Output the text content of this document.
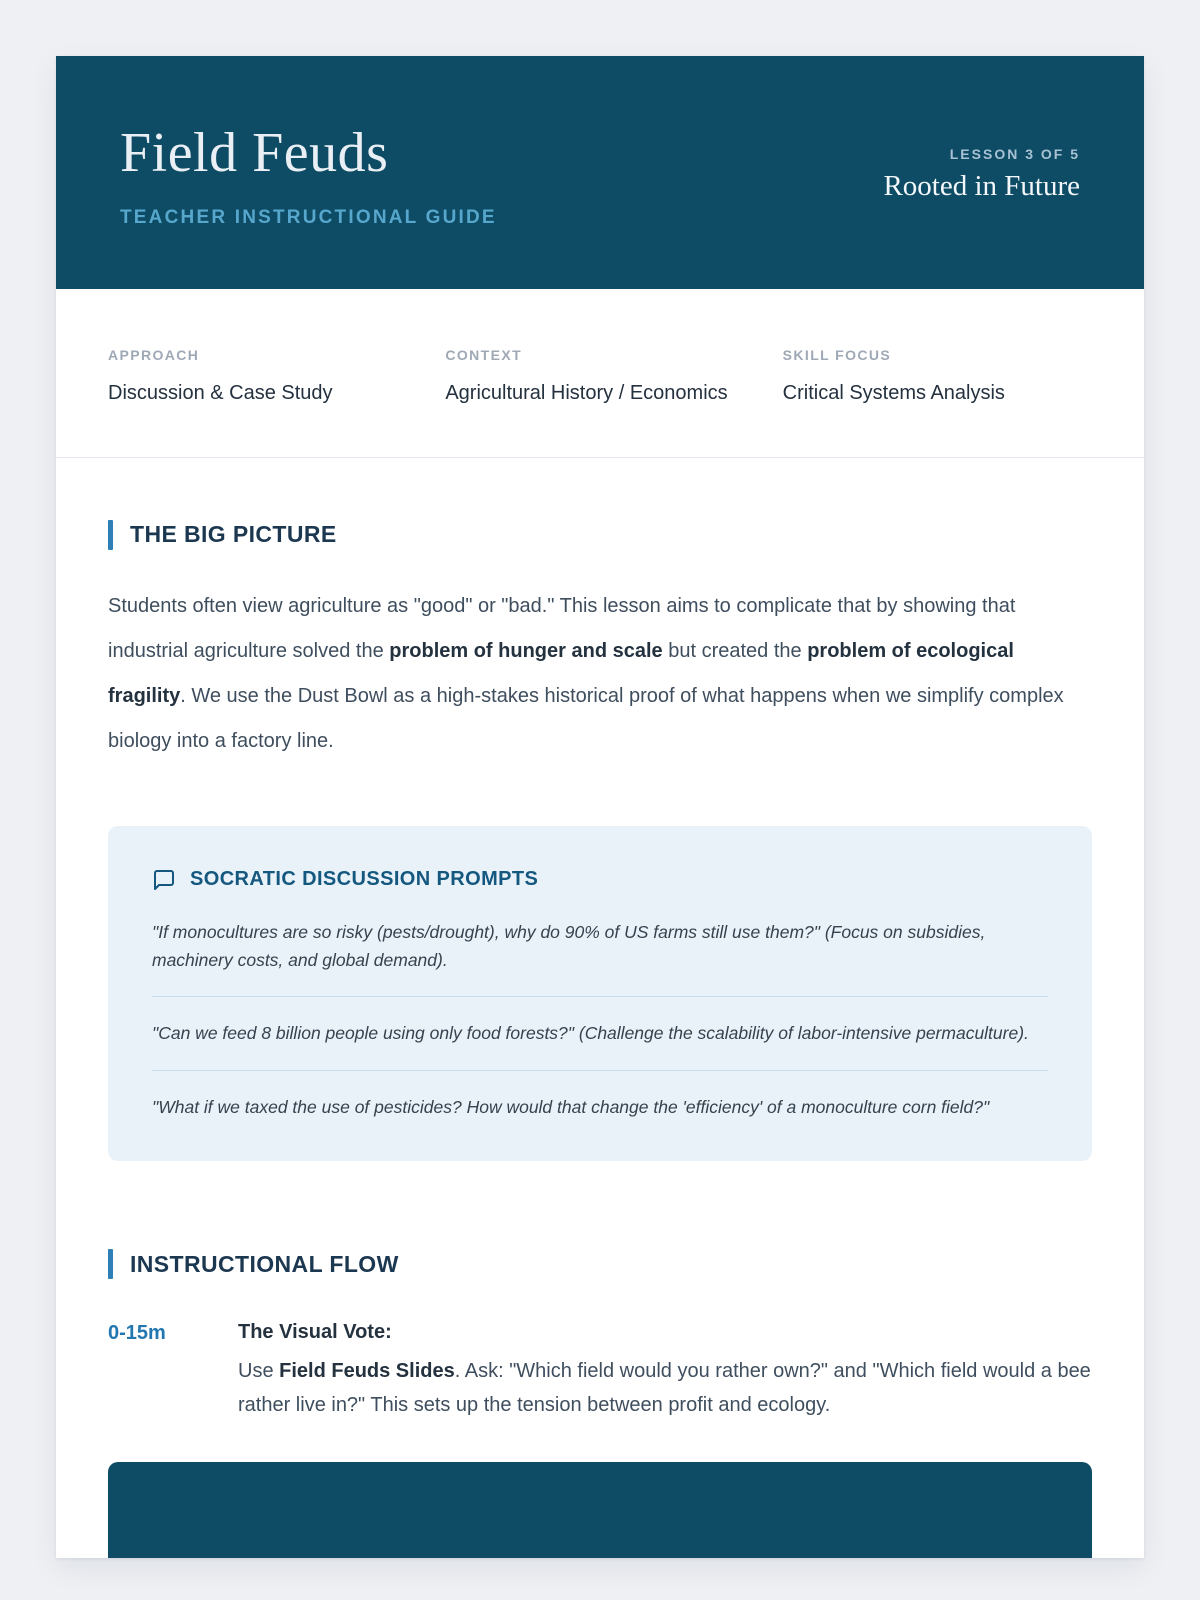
Field Feuds
TEACHER INSTRUCTIONAL GUIDE
LESSON 3 OF 5
Rooted in Future
APPROACH
Discussion & Case Study
CONTEXT
Agricultural History / Economics
SKILL FOCUS
Critical Systems Analysis
THE BIG PICTURE

Students often view agriculture as "good" or "bad." This lesson aims to complicate that by showing that industrial agriculture solved the problem of hunger and scale but created the problem of ecological fragility. We use the Dust Bowl as a high-stakes historical proof of what happens when we simplify complex biology into a factory line.

SOCRATIC DISCUSSION PROMPTS

"If monocultures are so risky (pests/drought), why do 90% of US farms still use them?" (Focus on subsidies, machinery costs, and global demand).

"Can we feed 8 billion people using only food forests?" (Challenge the scalability of labor-intensive permaculture).

"What if we taxed the use of pesticides? How would that change the 'efficiency' of a monoculture corn field?"

INSTRUCTIONAL FLOW
0-15m	The Visual Vote:

Use Field Feuds Slides. Ask: "Which field would you rather own?" and "Which field would a bee rather live in?" This sets up the tension between profit and ecology.
